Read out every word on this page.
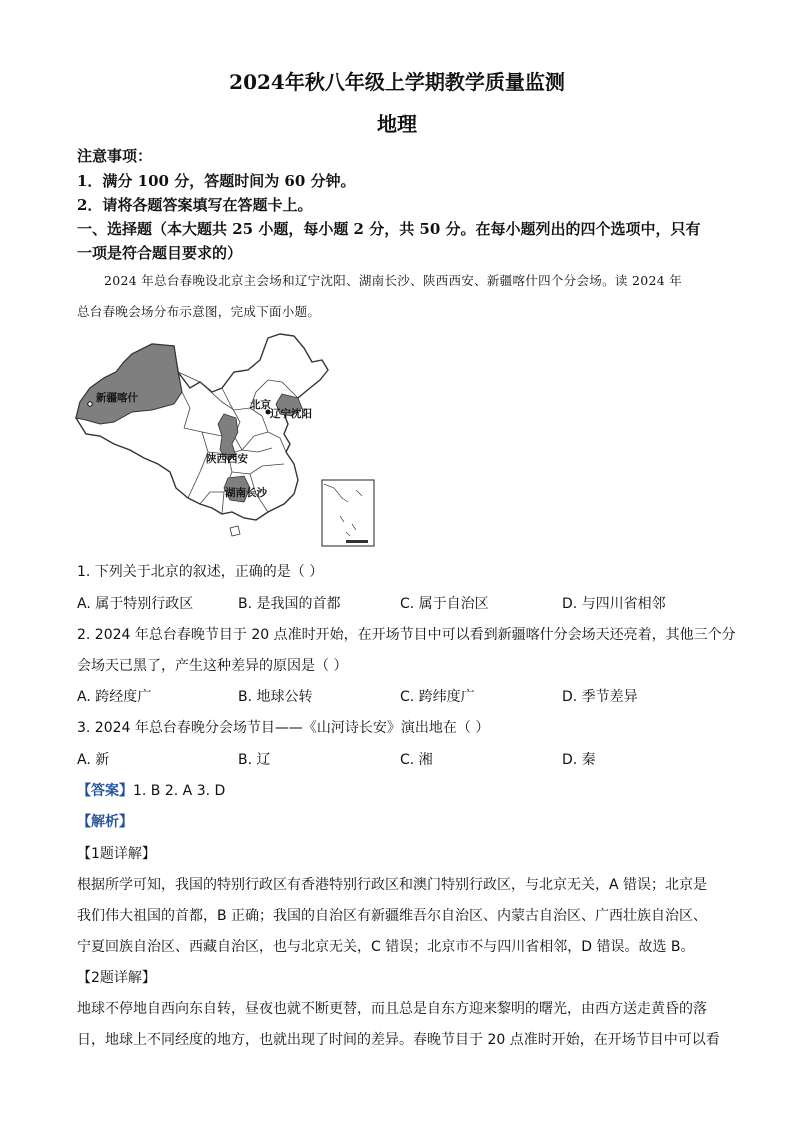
2024年秋八年级上学期教学质量监测
地理
注意事项：
1．满分 100 分，答题时间为 60 分钟。
2．请将各题答案填写在答题卡上。
一、选择题（本大题共 25 小题，每小题 2 分，共 50 分。在每小题列出的四个选项中，只有
一项是符合题目要求的）
2024 年总台春晚设北京主会场和辽宁沈阳、湖南长沙、陕西西安、新疆喀什四个分会场。读 2024 年
总台春晚会场分布示意图，完成下面小题。
新疆喀什
北京
辽宁沈阳
陕西西安
湖南长沙
1. 下列关于北京的叙述，正确的是（ ）
A. 属于特别行政区	B. 是我国的首都	C. 属于自治区	D. 与四川省相邻
2. 2024 年总台春晚节目于 20 点准时开始，在开场节目中可以看到新疆喀什分会场天还亮着，其他三个分
会场天已黑了，产生这种差异的原因是（ ）
A. 跨经度广	B. 地球公转	C. 跨纬度广	D. 季节差异
3. 2024 年总台春晚分会场节目——《山河诗长安》演出地在（ ）
A. 新	B. 辽	C. 湘	D. 秦
【答案】1. B 2. A 3. D
【解析】
【1题详解】
根据所学可知，我国的特别行政区有香港特别行政区和澳门特别行政区，与北京无关，A 错误；北京是
我们伟大祖国的首都，B 正确；我国的自治区有新疆维吾尔自治区、内蒙古自治区、广西壮族自治区、
宁夏回族自治区、西藏自治区，也与北京无关，C 错误；北京市不与四川省相邻，D 错误。故选 B。
【2题详解】
地球不停地自西向东自转，昼夜也就不断更替，而且总是自东方迎来黎明的曙光，由西方送走黄昏的落
日，地球上不同经度的地方，也就出现了时间的差异。春晚节目于 20 点准时开始，在开场节目中可以看
